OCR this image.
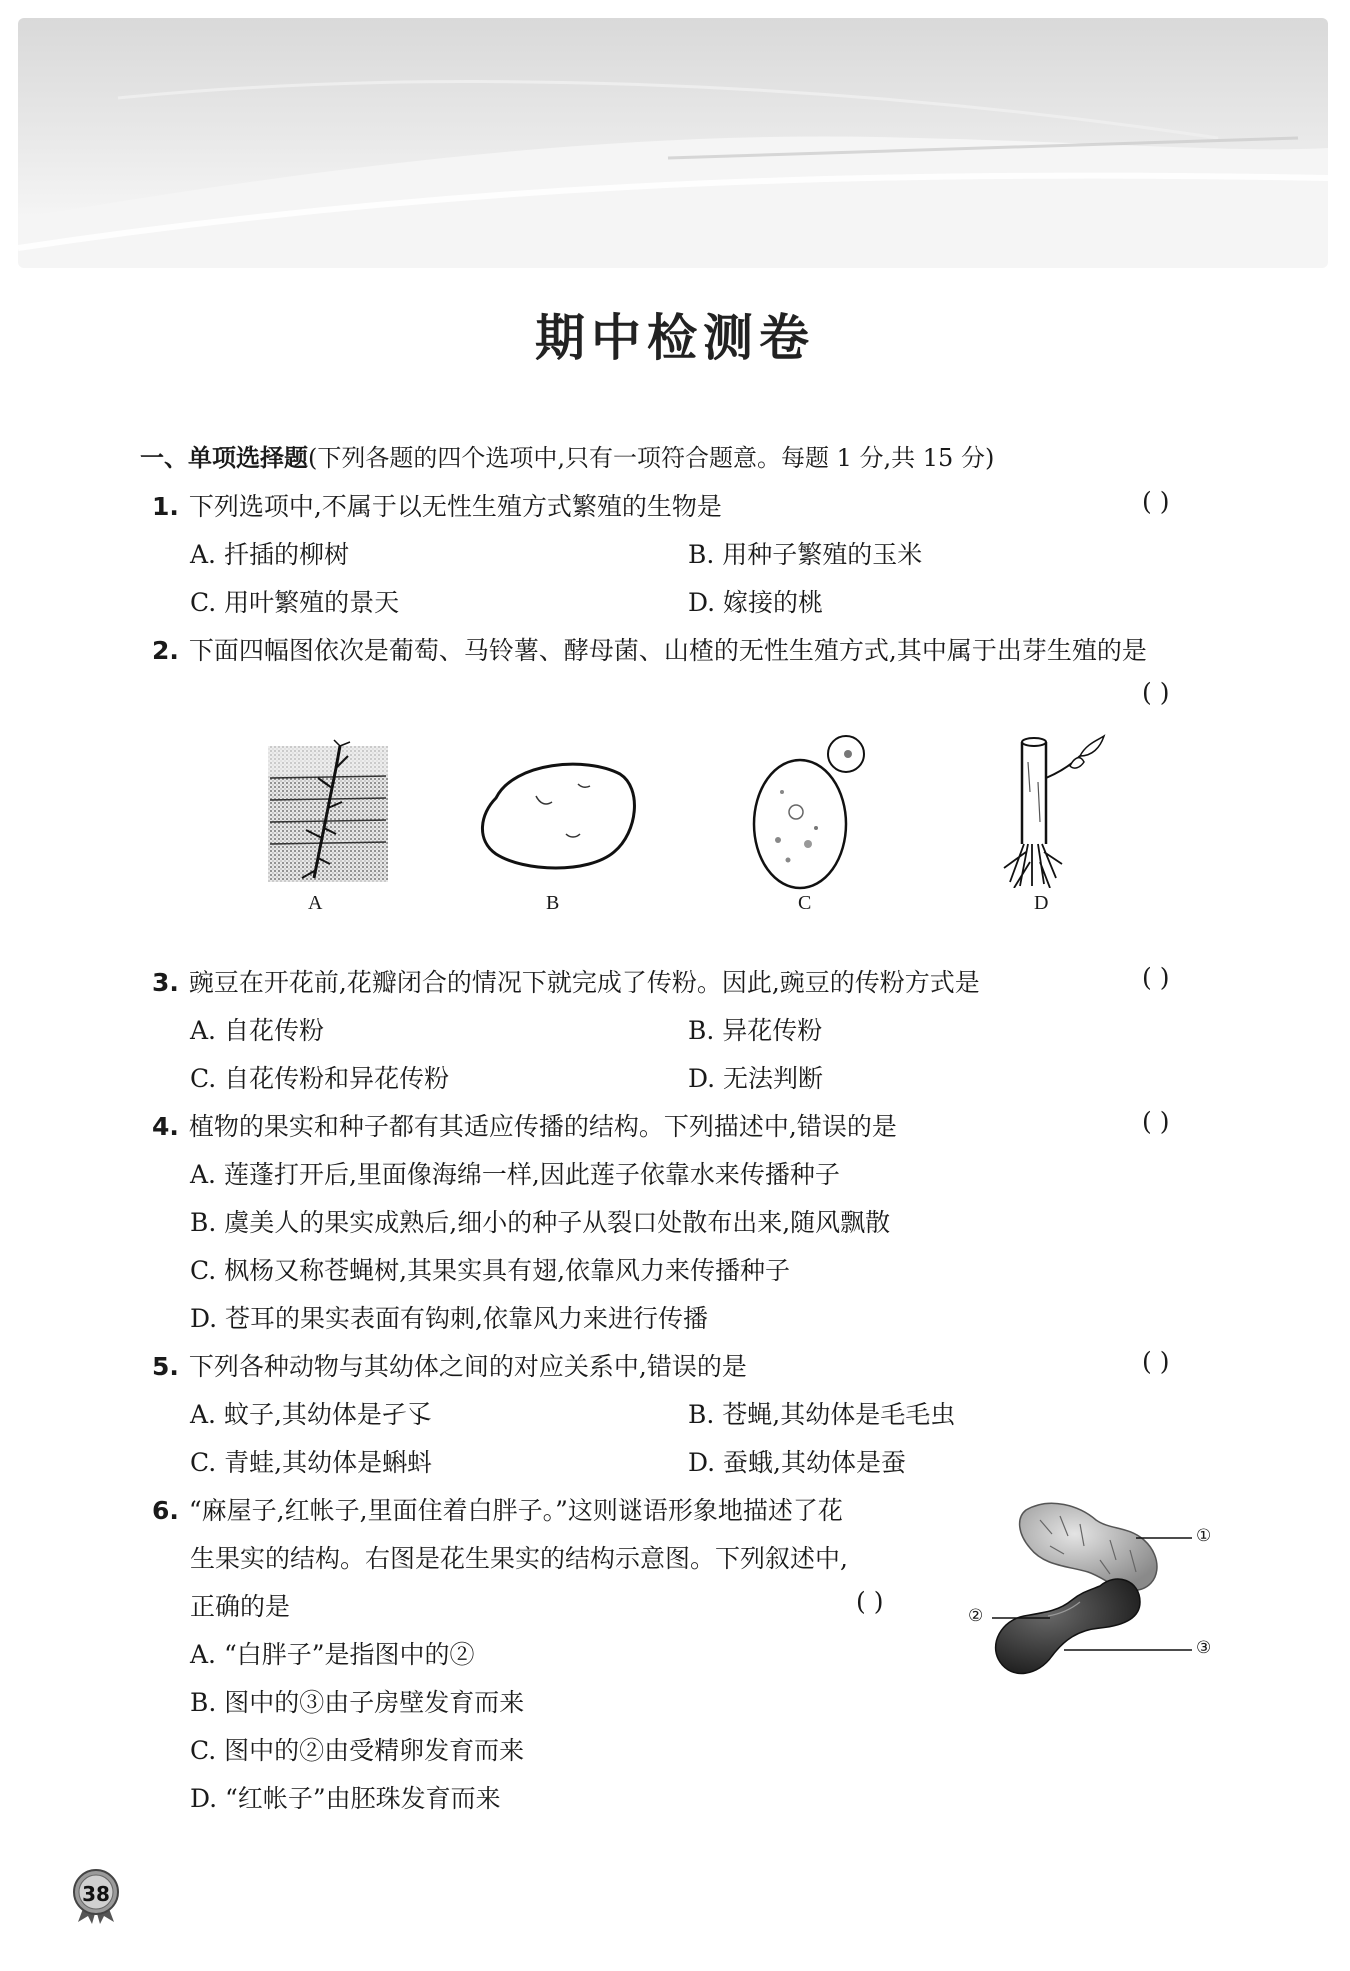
期中检测卷
一、单项选择题(下列各题的四个选项中,只有一项符合题意。每题 1 分,共 15 分)
1. 下列选项中,不属于以无性生殖方式繁殖的生物是	( )
A. 扦插的柳树	B. 用种子繁殖的玉米
C. 用叶繁殖的景天	D. 嫁接的桃
2. 下面四幅图依次是葡萄、马铃薯、酵母菌、山楂的无性生殖方式,其中属于出芽生殖的是
( )
A	B	C	D
3. 豌豆在开花前,花瓣闭合的情况下就完成了传粉。因此,豌豆的传粉方式是	( )
A. 自花传粉	B. 异花传粉
C. 自花传粉和异花传粉	D. 无法判断
4. 植物的果实和种子都有其适应传播的结构。下列描述中,错误的是	( )
A. 莲蓬打开后,里面像海绵一样,因此莲子依靠水来传播种子
B. 虞美人的果实成熟后,细小的种子从裂口处散布出来,随风飘散
C. 枫杨又称苍蝇树,其果实具有翅,依靠风力来传播种子
D. 苍耳的果实表面有钩刺,依靠风力来进行传播
5. 下列各种动物与其幼体之间的对应关系中,错误的是	( )
A. 蚊子,其幼体是孑孓	B. 苍蝇,其幼体是毛毛虫
C. 青蛙,其幼体是蝌蚪	D. 蚕蛾,其幼体是蚕
6. “麻屋子,红帐子,里面住着白胖子。”这则谜语形象地描述了花
生果实的结构。右图是花生果实的结构示意图。下列叙述中,
正确的是	( )
A. “白胖子”是指图中的②
B. 图中的③由子房壁发育而来
C. 图中的②由受精卵发育而来
D. “红帐子”由胚珠发育而来
①
②
③
38
